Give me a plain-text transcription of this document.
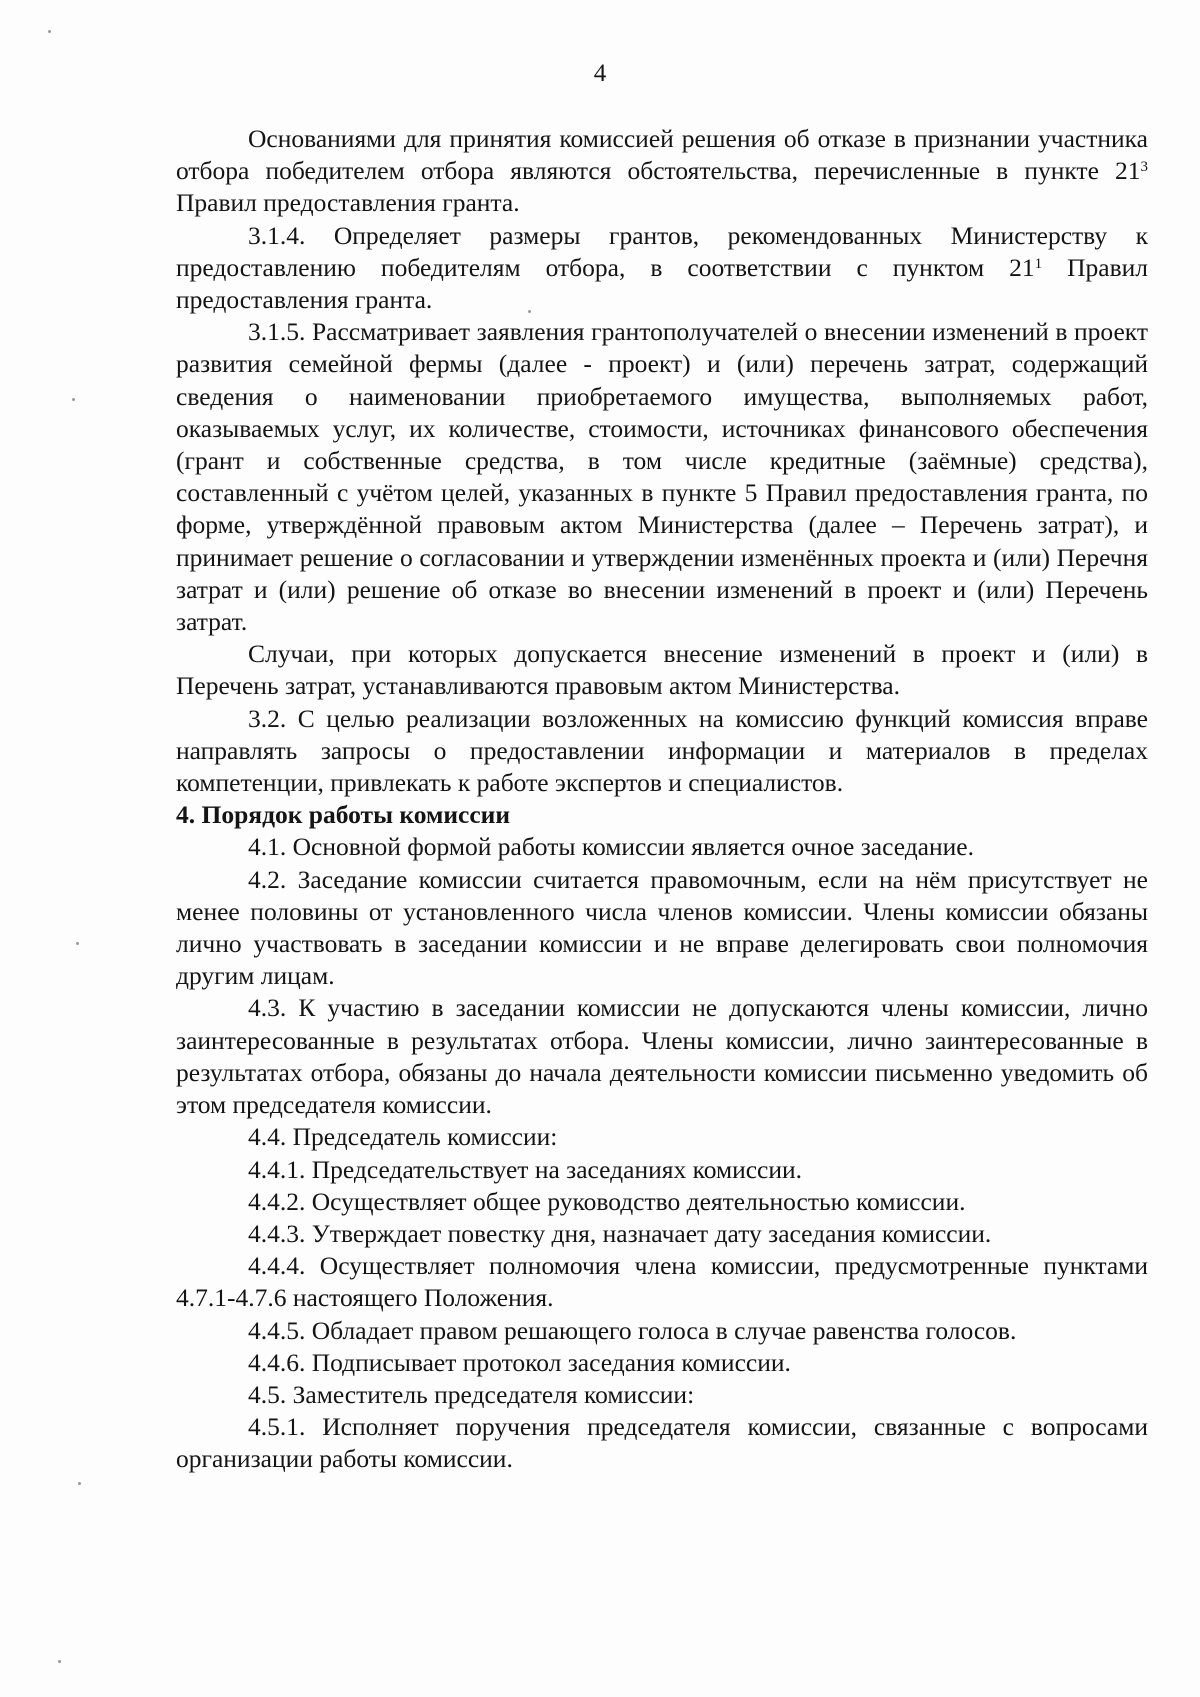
4

Основаниями для принятия комиссией решения об отказе в признании участника отбора победителем отбора являются обстоятельства, перечисленные в пункте $21^3$ Правил предоставления гранта.

3.1.4. Определяет размеры грантов, рекомендованных Министерству к предоставлению победителям отбора, в соответствии с пунктом $21^1$ Правил предоставления гранта.

3.1.5. Рассматривает заявления грантополучателей о внесении изменений в проект развития семейной фермы (далее - проект) и (или) перечень затрат, содержащий сведения о наименовании приобретаемого имущества, выполняемых работ, оказываемых услуг, их количестве, стоимости, источниках финансового обеспечения (грант и собственные средства, в том числе кредитные (заёмные) средства), составленный с учётом целей, указанных в пункте 5 Правил предоставления гранта, по форме, утверждённой правовым актом Министерства (далее – Перечень затрат), и принимает решение о согласовании и утверждении изменённых проекта и (или) Перечня затрат и (или) решение об отказе во внесении изменений в проект и (или) Перечень затрат.

Случаи, при которых допускается внесение изменений в проект и (или) в Перечень затрат, устанавливаются правовым актом Министерства.

3.2. С целью реализации возложенных на комиссию функций комиссия вправе направлять запросы о предоставлении информации и материалов в пределах компетенции, привлекать к работе экспертов и специалистов.

4. Порядок работы комиссии

4.1. Основной формой работы комиссии является очное заседание.

4.2. Заседание комиссии считается правомочным, если на нём присутствует не менее половины от установленного числа членов комиссии. Члены комиссии обязаны лично участвовать в заседании комиссии и не вправе делегировать свои полномочия другим лицам.

4.3. К участию в заседании комиссии не допускаются члены комиссии, лично заинтересованные в результатах отбора. Члены комиссии, лично заинтересованные в результатах отбора, обязаны до начала деятельности комиссии письменно уведомить об этом председателя комиссии.

4.4. Председатель комиссии:

4.4.1. Председательствует на заседаниях комиссии.

4.4.2. Осуществляет общее руководство деятельностью комиссии.

4.4.3. Утверждает повестку дня, назначает дату заседания комиссии.

4.4.4. Осуществляет полномочия члена комиссии, предусмотренные пунктами 4.7.1-4.7.6 настоящего Положения.

4.4.5. Обладает правом решающего голоса в случае равенства голосов.

4.4.6. Подписывает протокол заседания комиссии.

4.5. Заместитель председателя комиссии:

4.5.1. Исполняет поручения председателя комиссии, связанные с вопросами организации работы комиссии.
